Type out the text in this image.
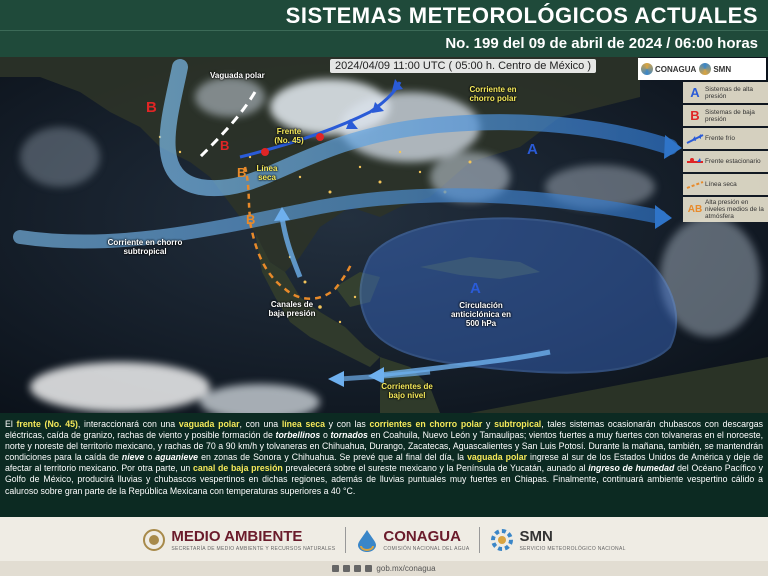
SISTEMAS METEOROLÓGICOS ACTUALES
No. 199 del 09 de abril de 2024 / 06:00 horas
B
B
B
B
A
A
Vaguada polar
Frente (No. 45)
Línea seca
Corriente en chorro polar
Corriente en chorro subtropical
Canales de baja presión
Circulación anticiclónica en 500 hPa
Corrientes de bajo nivel
2024/04/09 11:00 UTC ( 05:00 h. Centro de México )	CONAGUA SMN
A Sistemas de alta presión
B Sistemas de baja presión
Frente frío
Frente estacionario
Línea seca
AB
Alta presión en niveles medios de la atmósfera

El frente (No. 45), interaccionará con una vaguada polar, con una línea seca y con las corrientes en chorro polar y subtropical, tales sistemas ocasionarán chubascos con descargas eléctricas, caída de granizo, rachas de viento y posible formación de torbellinos o tornados en Coahuila, Nuevo León y Tamaulipas; vientos fuertes a muy fuertes con tolvaneras en el noroeste, norte y noreste del territorio mexicano, y rachas de 70 a 90 km/h y tolvaneras en Chihuahua, Durango, Zacatecas, Aguascalientes y San Luis Potosí. Durante la mañana, también, se mantendrán condiciones para la caída de nieve o aguanieve en zonas de Sonora y Chihuahua. Se prevé que al final del día, la vaguada polar ingrese al sur de los Estados Unidos de América y deje de afectar al territorio mexicano. Por otra parte, un canal de baja presión prevalecerá sobre el sureste mexicano y la Península de Yucatán, aunado al ingreso de humedad del Océano Pacífico y Golfo de México, producirá lluvias y chubascos vespertinos en dichas regiones, además de lluvias puntuales muy fuertes en Chiapas. Finalmente, continuará ambiente vespertino cálido a caluroso sobre gran parte de la República Mexicana con temperaturas superiores a 40 °C.

MEDIO AMBIENTE
SECRETARÍA DE MEDIO AMBIENTE Y RECURSOS NATURALES
CONAGUA
COMISIÓN NACIONAL DEL AGUA
SMN
SERVICIO METEOROLÓGICO NACIONAL
gob.mx/conagua
